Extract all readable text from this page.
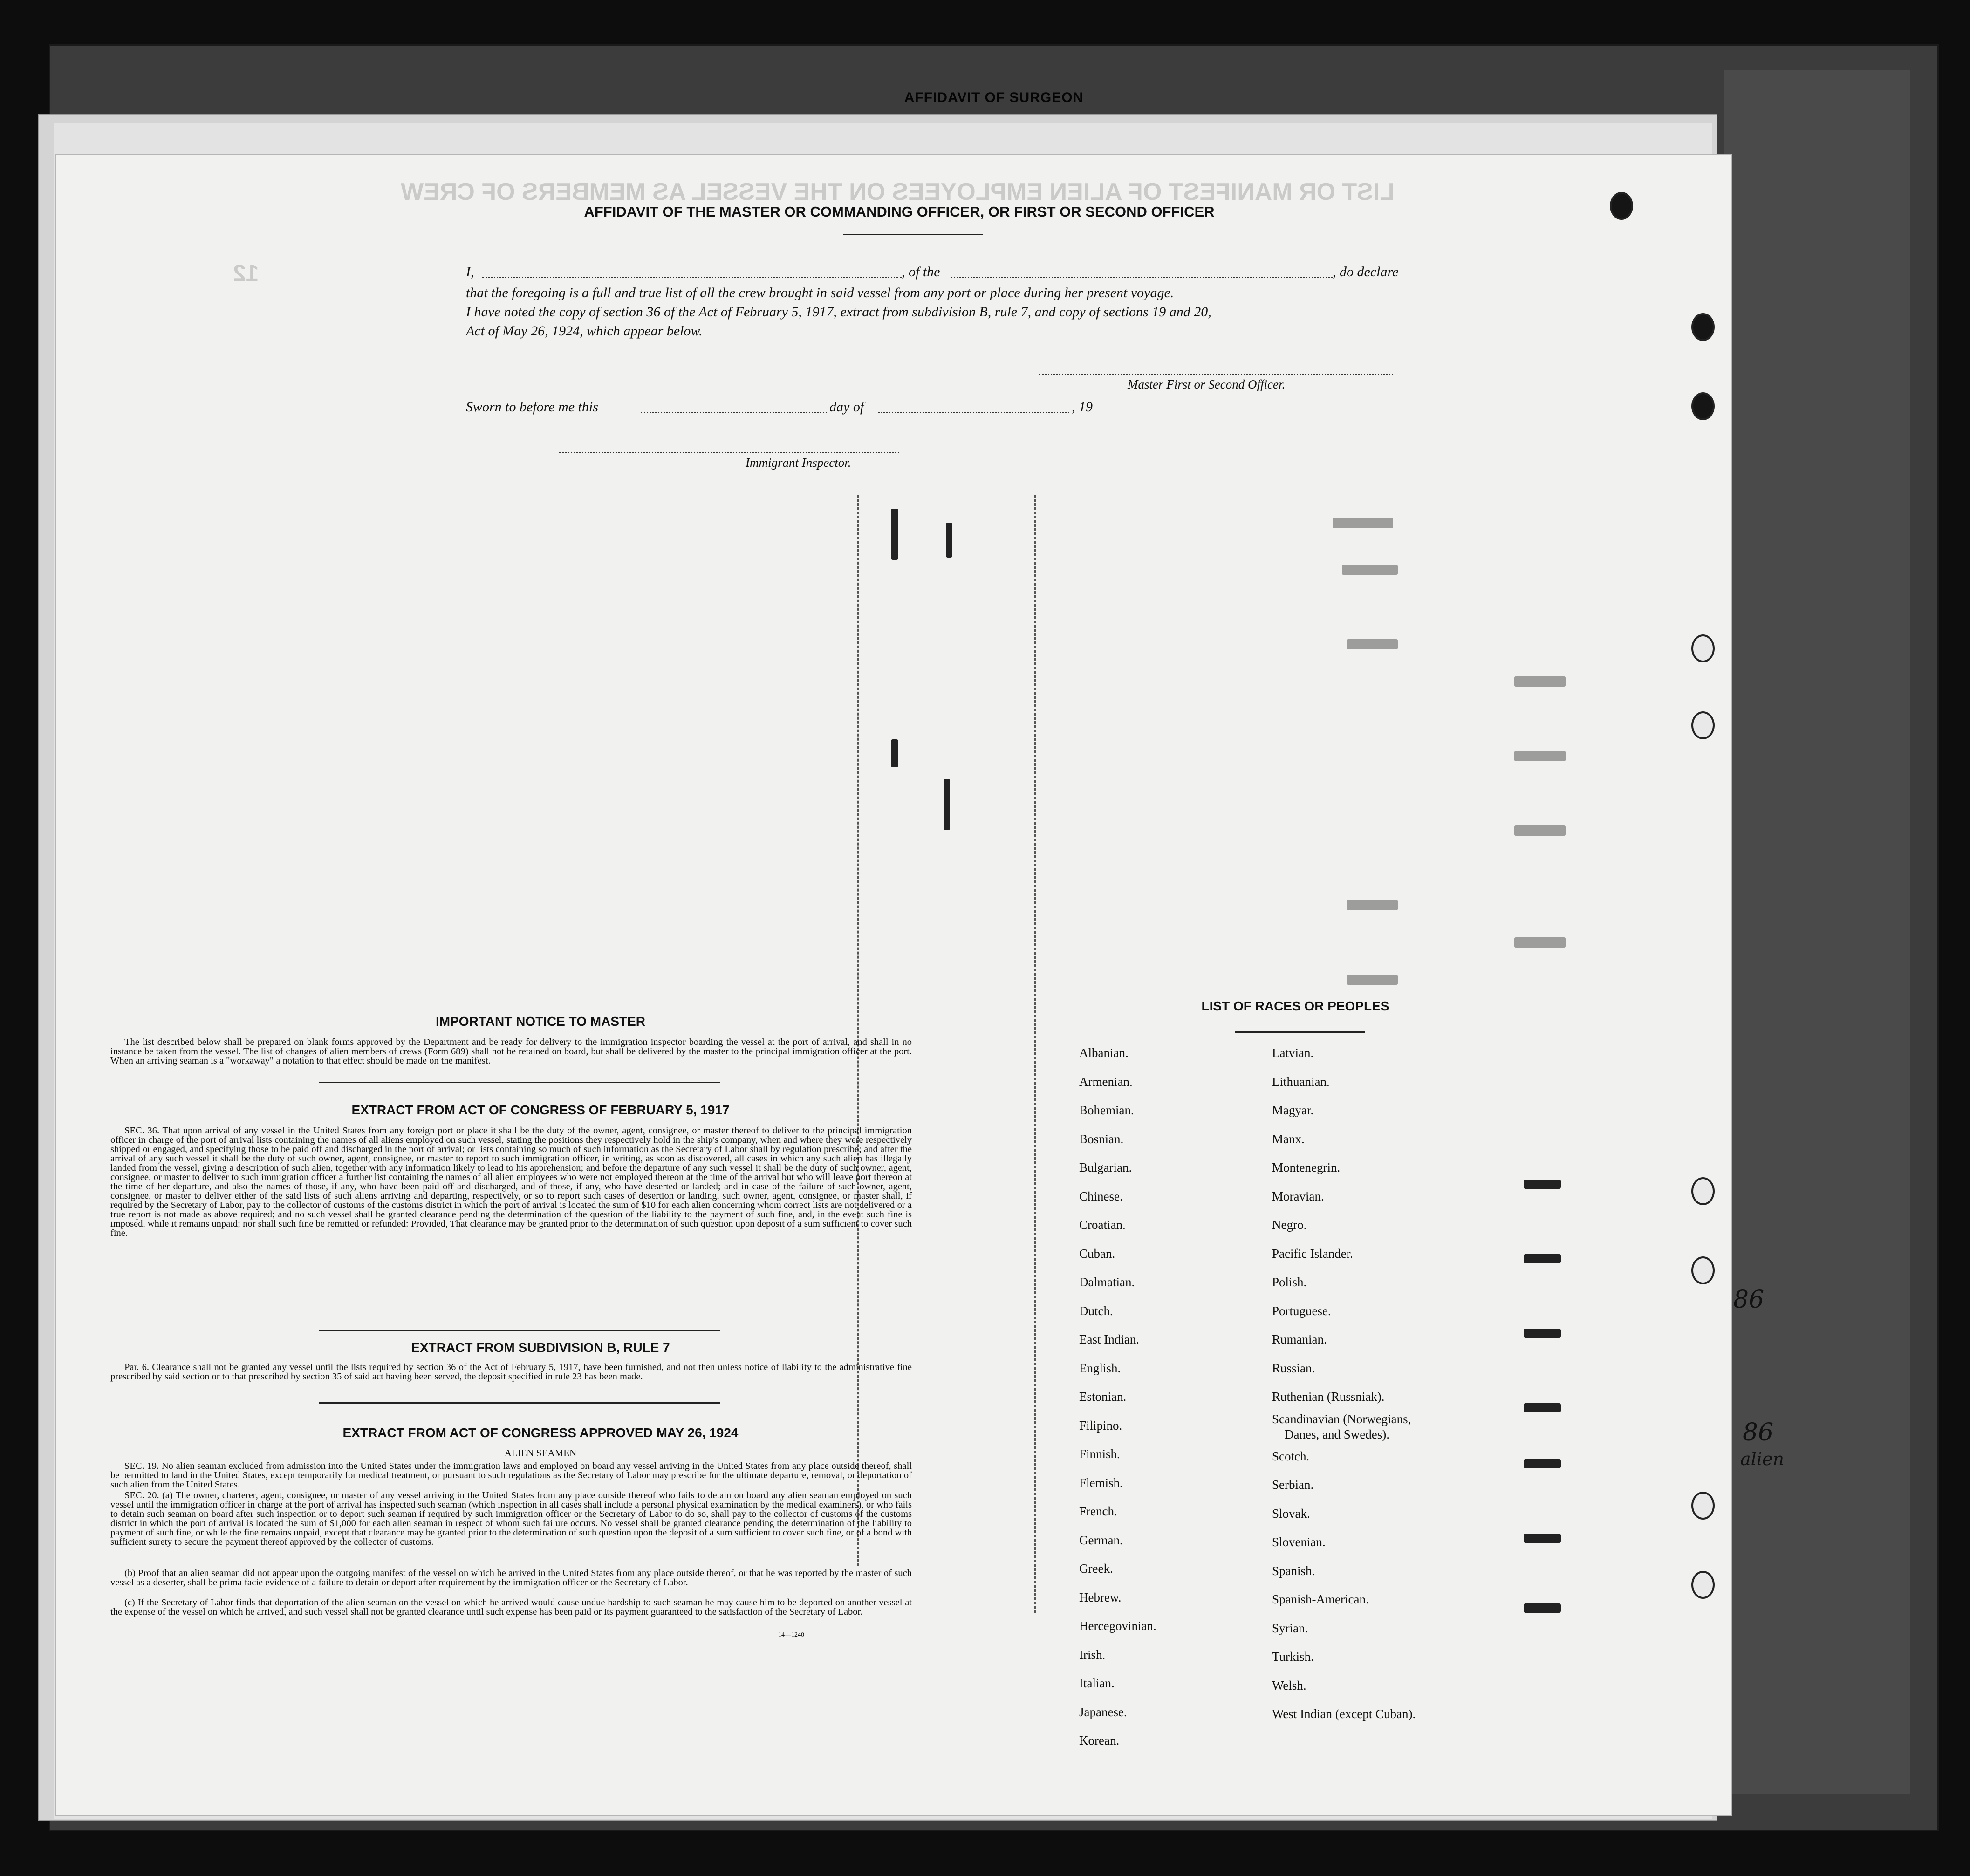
AFFIDAVIT OF SURGEON
86
86
alien
LIST OR MANIFEST OF ALIEN EMPLOYEES ON THE VESSEL AS MEMBERS OF CREW
12
AFFIDAVIT OF THE MASTER OR COMMANDING OFFICER, OR FIRST OR SECOND OFFICER
I,	, of the	, do declare
that the foregoing is a full and true list of all the crew brought in said vessel from any port or place during her present voyage.
I have noted the copy of section 36 of the Act of February 5, 1917, extract from subdivision B, rule 7, and copy of sections 19 and 20,
Act of May 26, 1924, which appear below.
Master First or Second Officer.
Sworn to before me this	day of	, 19
Immigrant Inspector.
IMPORTANT NOTICE TO MASTER
The list described below shall be prepared on blank forms approved by the Department and be ready for delivery to the immigration inspector boarding the vessel at the port of arrival, and shall in no instance be taken from the vessel. The list of changes of alien members of crews (Form 689) shall not be retained on board, but shall be delivered by the master to the principal immigration officer at the port. When an arriving seaman is a "workaway" a notation to that effect should be made on the manifest.
EXTRACT FROM ACT OF CONGRESS OF FEBRUARY 5, 1917
SEC. 36. That upon arrival of any vessel in the United States from any foreign port or place it shall be the duty of the owner, agent, consignee, or master thereof to deliver to the principal immigration officer in charge of the port of arrival lists containing the names of all aliens employed on such vessel, stating the positions they respectively hold in the ship's company, when and where they were respectively shipped or engaged, and specifying those to be paid off and discharged in the port of arrival; or lists containing so much of such information as the Secretary of Labor shall by regulation prescribe; and after the arrival of any such vessel it shall be the duty of such owner, agent, consignee, or master to report to such immigration officer, in writing, as soon as discovered, all cases in which any such alien has illegally landed from the vessel, giving a description of such alien, together with any information likely to lead to his apprehension; and before the departure of any such vessel it shall be the duty of such owner, agent, consignee, or master to deliver to such immigration officer a further list containing the names of all alien employees who were not employed thereon at the time of the arrival but who will leave port thereon at the time of her departure, and also the names of those, if any, who have been paid off and discharged, and of those, if any, who have deserted or landed; and in case of the failure of such owner, agent, consignee, or master to deliver either of the said lists of such aliens arriving and departing, respectively, or so to report such cases of desertion or landing, such owner, agent, consignee, or master shall, if required by the Secretary of Labor, pay to the collector of customs of the customs district in which the port of arrival is located the sum of $10 for each alien concerning whom correct lists are not delivered or a true report is not made as above required; and no such vessel shall be granted clearance pending the determination of the question of the liability to the payment of such fine, and, in the event such fine is imposed, while it remains unpaid; nor shall such fine be remitted or refunded: Provided, That clearance may be granted prior to the determination of such question upon deposit of a sum sufficient to cover such fine.
EXTRACT FROM SUBDIVISION B, RULE 7
Par. 6. Clearance shall not be granted any vessel until the lists required by section 36 of the Act of February 5, 1917, have been furnished, and not then unless notice of liability to the administrative fine prescribed by said section or to that prescribed by section 35 of said act having been served, the deposit specified in rule 23 has been made.
EXTRACT FROM ACT OF CONGRESS APPROVED MAY 26, 1924
ALIEN SEAMEN
SEC. 19. No alien seaman excluded from admission into the United States under the immigration laws and employed on board any vessel arriving in the United States from any place outside thereof, shall be permitted to land in the United States, except temporarily for medical treatment, or pursuant to such regulations as the Secretary of Labor may prescribe for the ultimate departure, removal, or deportation of such alien from the United States.
SEC. 20. (a) The owner, charterer, agent, consignee, or master of any vessel arriving in the United States from any place outside thereof who fails to detain on board any alien seaman employed on such vessel until the immigration officer in charge at the port of arrival has inspected such seaman (which inspection in all cases shall include a personal physical examination by the medical examiners), or who fails to detain such seaman on board after such inspection or to deport such seaman if required by such immigration officer or the Secretary of Labor to do so, shall pay to the collector of customs of the customs district in which the port of arrival is located the sum of $1,000 for each alien seaman in respect of whom such failure occurs. No vessel shall be granted clearance pending the determination of the liability to payment of such fine, or while the fine remains unpaid, except that clearance may be granted prior to the determination of such question upon the deposit of a sum sufficient to cover such fine, or of a bond with sufficient surety to secure the payment thereof approved by the collector of customs.
(b) Proof that an alien seaman did not appear upon the outgoing manifest of the vessel on which he arrived in the United States from any place outside thereof, or that he was reported by the master of such vessel as a deserter, shall be prima facie evidence of a failure to detain or deport after requirement by the immigration officer or the Secretary of Labor.
(c) If the Secretary of Labor finds that deportation of the alien seaman on the vessel on which he arrived would cause undue hardship to such seaman he may cause him to be deported on another vessel at the expense of the vessel on which he arrived, and such vessel shall not be granted clearance until such expense has been paid or its payment guaranteed to the satisfaction of the Secretary of Labor.
14—1240
LIST OF RACES OR PEOPLES
Albanian.
Armenian.
Bohemian.
Bosnian.
Bulgarian.
Chinese.
Croatian.
Cuban.
Dalmatian.
Dutch.
East Indian.
English.
Estonian.
Filipino.
Finnish.
Flemish.
French.
German.
Greek.
Hebrew.
Hercegovinian.
Irish.
Italian.
Japanese.
Korean.
Latvian.
Lithuanian.
Magyar.
Manx.
Montenegrin.
Moravian.
Negro.
Pacific Islander.
Polish.
Portuguese.
Rumanian.
Russian.
Ruthenian (Russniak).
Scandinavian (Norwegians,
Danes, and Swedes).
Scotch.
Serbian.
Slovak.
Slovenian.
Spanish.
Spanish-American.
Syrian.
Turkish.
Welsh.
West Indian (except Cuban).
